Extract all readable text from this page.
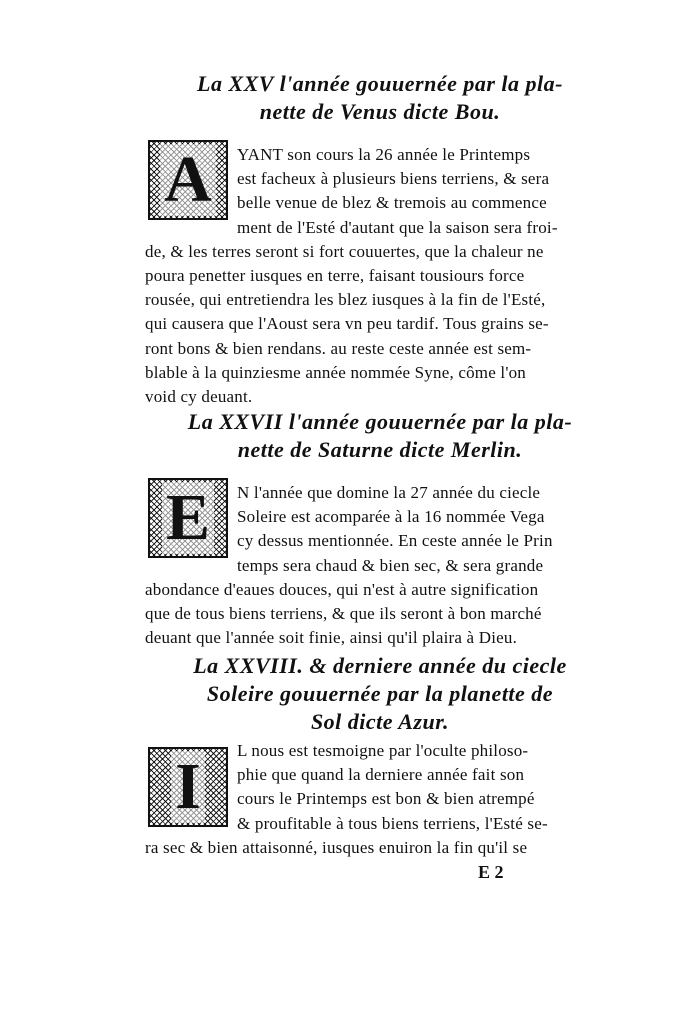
La XXV l'année gouuernée par la pla-
nette de Venus dicte Bou.
A	YANT son cours la 26 année le Printemps
est facheux à plusieurs biens terriens, & sera
belle venue de blez & tremois au commence
ment de l'Esté d'autant que la saison sera froi-
de, & les terres seront si fort couuertes, que la chaleur ne
poura penetter iusques en terre, faisant tousiours force
rousée, qui entretiendra les blez iusques à la fin de l'Esté,
qui causera que l'Aoust sera vn peu tardif. Tous grains se-
ront bons & bien rendans. au reste ceste année est sem-
blable à la quinziesme année nommée Syne, côme l'on
void cy deuant.
La XXVII l'année gouuernée par la pla-
nette de Saturne dicte Merlin.
E	N l'année que domine la 27 année du ciecle
Soleire est acomparée à la 16 nommée Vega
cy dessus mentionnée. En ceste année le Prin
temps sera chaud & bien sec, & sera grande
abondance d'eaues douces, qui n'est à autre signification
que de tous biens terriens, & que ils seront à bon marché
deuant que l'année soit finie, ainsi qu'il plaira à Dieu.
La XXVIII. & derniere année du ciecle
Soleire gouuernée par la planette de
Sol dicte Azur.
I	L nous est tesmoigne par l'oculte philoso-
phie que quand la derniere année fait son
cours le Printemps est bon & bien atrempé
& proufitable à tous biens terriens, l'Esté se-
ra sec & bien attaisonné, iusques enuiron la fin qu'il se
E 2
